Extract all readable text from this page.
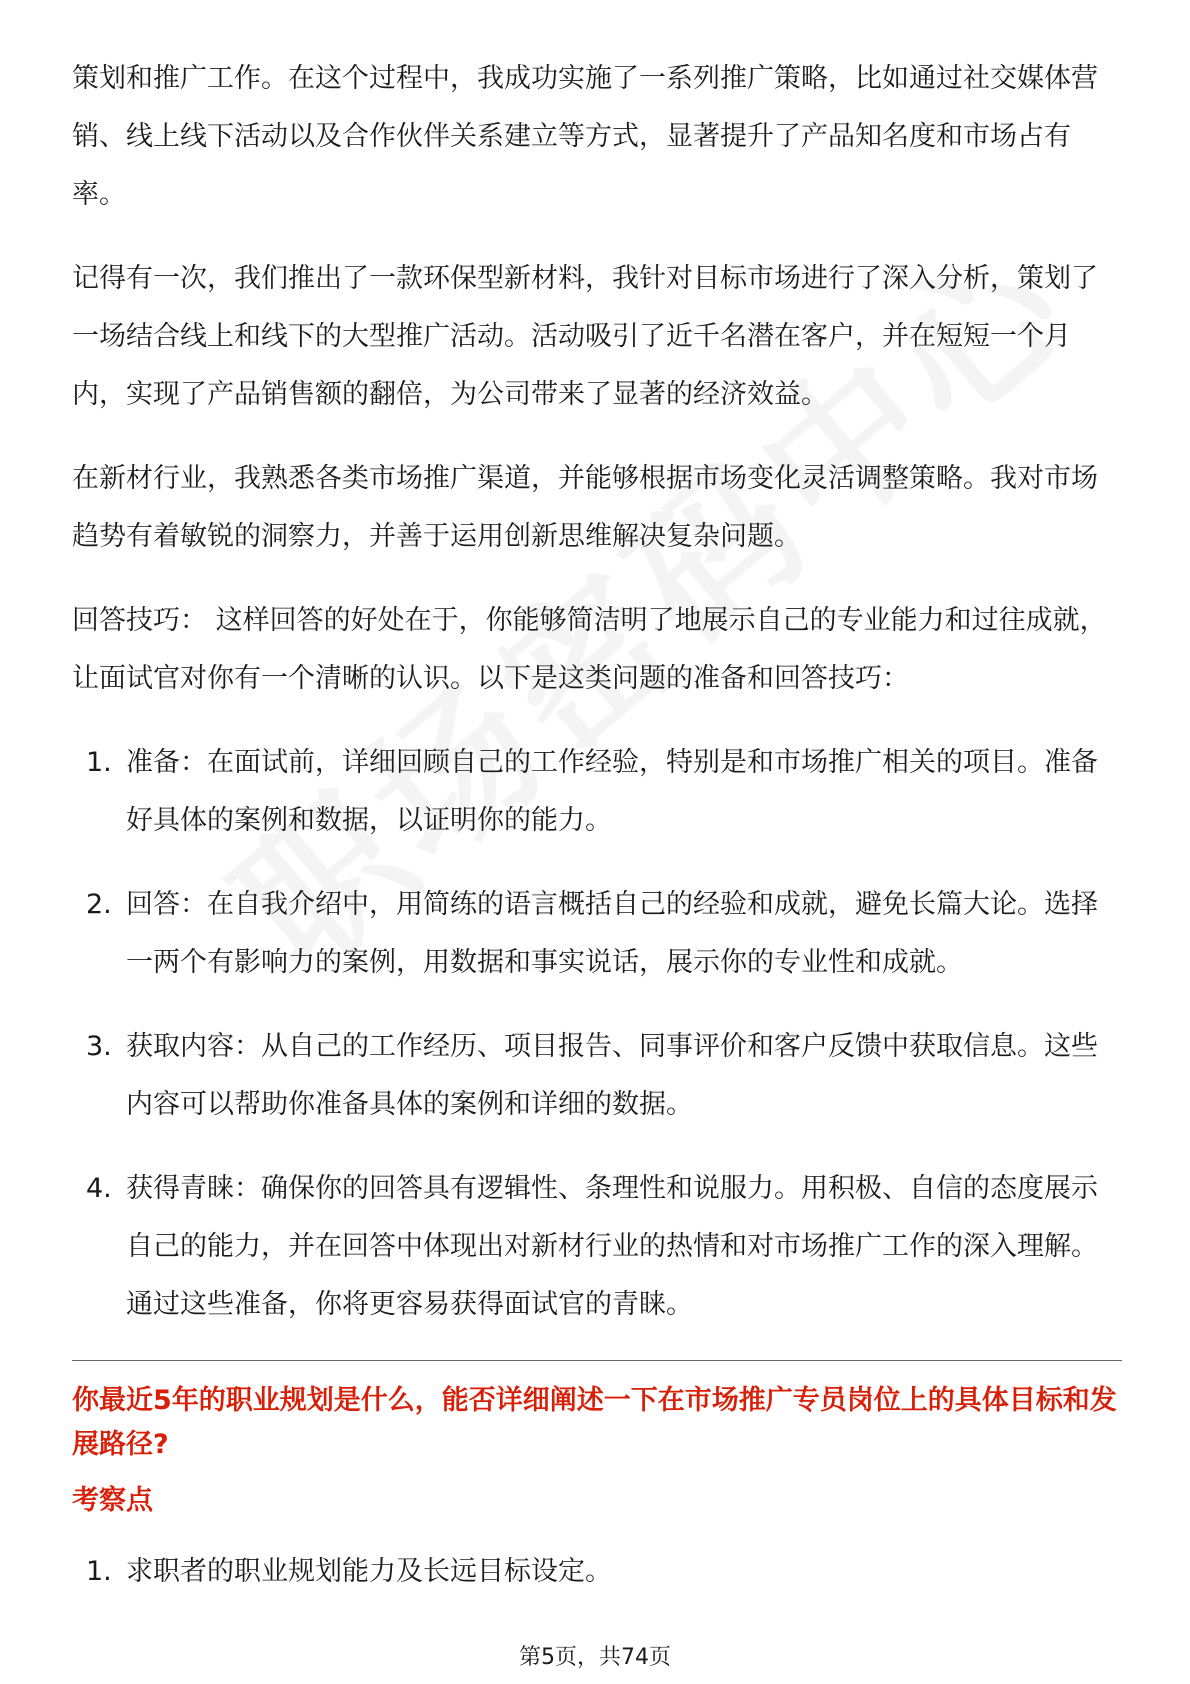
策划和推广工作。在这个过程中，我成功实施了一系列推广策略，比如通过社交媒体营销、线上线下活动以及合作伙伴关系建立等方式，显著提升了产品知名度和市场占有率。

记得有一次，我们推出了一款环保型新材料，我针对目标市场进行了深入分析，策划了一场结合线上和线下的大型推广活动。活动吸引了近千名潜在客户，并在短短一个月内，实现了产品销售额的翻倍，为公司带来了显著的经济效益。

在新材行业，我熟悉各类市场推广渠道，并能够根据市场变化灵活调整策略。我对市场趋势有着敏锐的洞察力，并善于运用创新思维解决复杂问题。

回答技巧： 这样回答的好处在于，你能够简洁明了地展示自己的专业能力和过往成就，让面试官对你有一个清晰的认识。以下是这类问题的准备和回答技巧：

1. 准备：在面试前，详细回顾自己的工作经验，特别是和市场推广相关的项目。准备好具体的案例和数据，以证明你的能力。
2. 回答：在自我介绍中，用简练的语言概括自己的经验和成就，避免长篇大论。选择一两个有影响力的案例，用数据和事实说话，展示你的专业性和成就。
3. 获取内容：从自己的工作经历、项目报告、同事评价和客户反馈中获取信息。这些内容可以帮助你准备具体的案例和详细的数据。
4. 获得青睐：确保你的回答具有逻辑性、条理性和说服力。用积极、自信的态度展示自己的能力，并在回答中体现出对新材行业的热情和对市场推广工作的深入理解。通过这些准备，你将更容易获得面试官的青睐。
你最近5年的职业规划是什么，能否详细阐述一下在市场推广专员岗位上的具体目标和发展路径?
考察点
1. 求职者的职业规划能力及长远目标设定。
第5页，共74页
